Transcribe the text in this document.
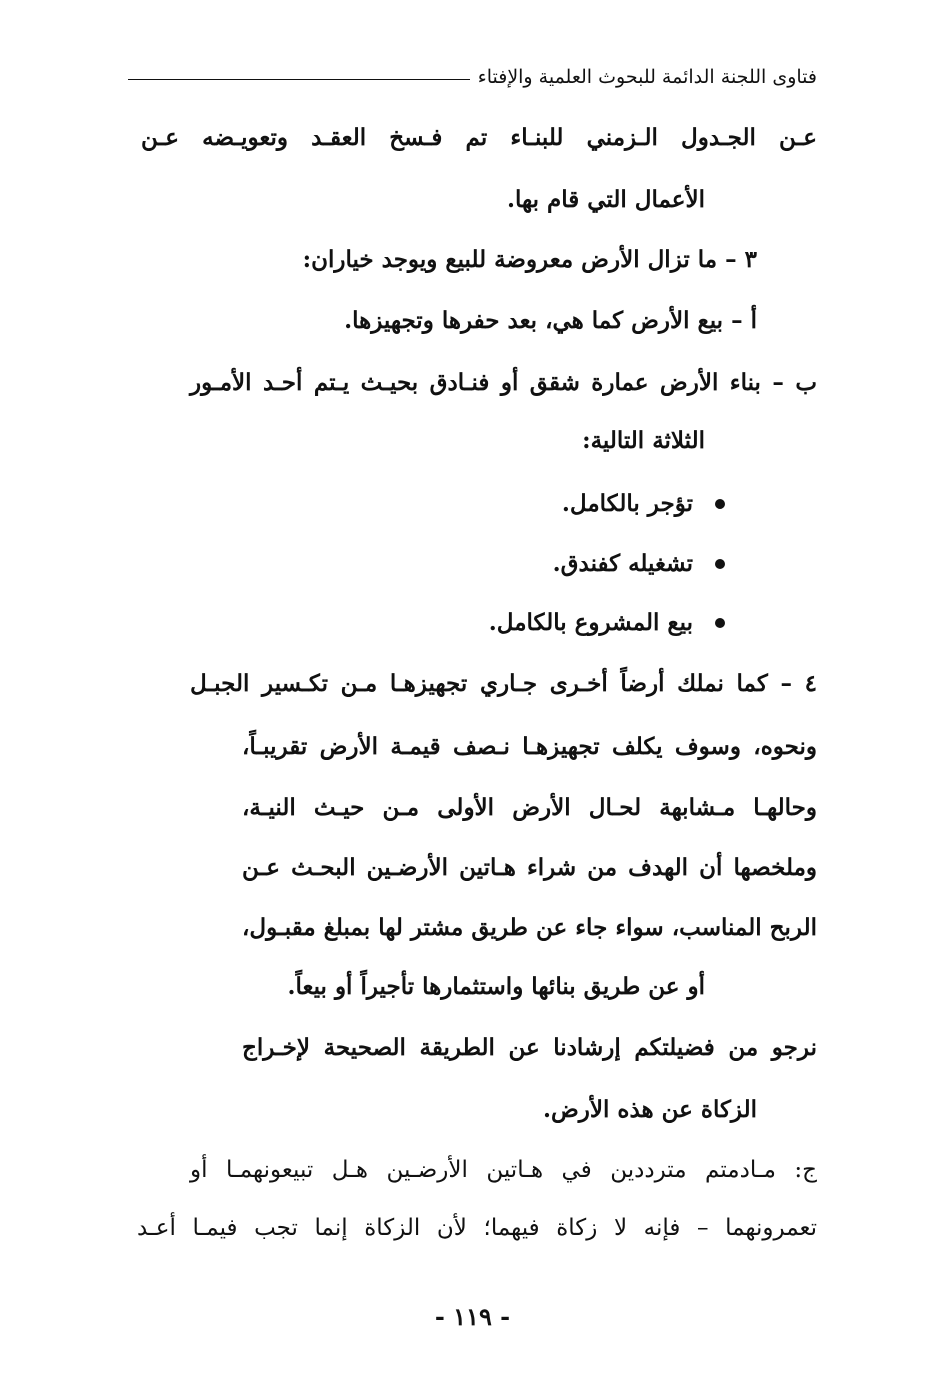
فتاوى اللجنة الدائمة للبحوث العلمية والإفتاء
عـن الجـدول الـزمني للبنـاء تم فـسخ العقـد وتعويـضه عـن
الأعمال التي قام بها.
٣ – ما تزال الأرض معروضة للبيع ويوجد خياران:
أ – بيع الأرض كما هي، بعد حفرها وتجهيزها.
ب – بناء الأرض عمارة شقق أو فنـادق بحيـث يـتم أحـد الأمـور
الثلاثة التالية:
تؤجر بالكامل.
تشغيله كفندق.
بيع المشروع بالكامل.
٤ – كما نملك أرضاً أخـرى جـاري تجهيزهـا مـن تكـسير الجبـل
ونحوه، وسوف يكلف تجهيزهـا نـصف قيمـة الأرض تقريبـاً،
وحالهـا مـشابهة لحـال الأرض الأولى مـن حيـث النيـة،
وملخصها أن الهدف من شراء هـاتين الأرضـين البحـث عـن
الربح المناسب، سواء جاء عن طريق مشتر لها بمبلغ مقبـول،
أو عن طريق بنائها واستثمارها تأجيراً أو بيعاً.
نرجو من فضيلتكم إرشادنا عن الطريقة الصحيحة لإخـراج
الزكاة عن هذه الأرض.
ج: مـادمتم مترددين في هـاتين الأرضـين هـل تبيعونهمـا أو
تعمرونهما – فإنه لا زكاة فيهما؛ لأن الزكاة إنما تجب فيمـا أعـد
- ١١٩ -
